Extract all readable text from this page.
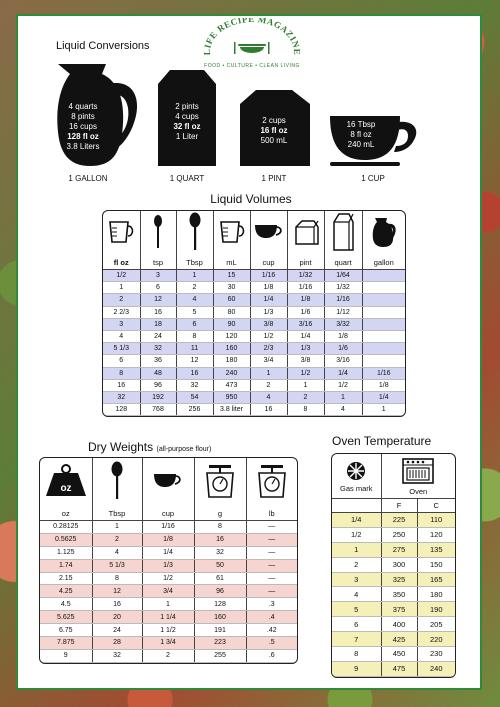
LIFE RECIPE MAGAZINE
FOOD • CULTURE • CLEAN LIVING
Liquid Conversions
4 quarts
8 pints
16 cups
128 fl oz
3.8 Liters
1 GALLON
2 pints
4 cups
32 fl oz
1 Liter
1 QUART
2 cups
16 fl oz
500 mL
1 PINT
16 Tbsp
8 fl oz
240 mL
1 CUP
Liquid Volumes

fl oz	tsp	Tbsp	mL	cup	pint	quart	gallon
1/2	3	1	15	1/16	1/32	1/64	
1	6	2	30	1/8	1/16	1/32	
2	12	4	60	1/4	1/8	1/16	
2 2/3	16	5	80	1/3	1/6	1/12	
3	18	6	90	3/8	3/16	3/32	
4	24	8	120	1/2	1/4	1/8	
5 1/3	32	11	160	2/3	1/3	1/6	
6	36	12	180	3/4	3/8	3/16	
8	48	16	240	1	1/2	1/4	1/16
16	96	32	473	2	1	1/2	1/8
32	192	54	950	4	2	1	1/4
128	768	256	3.8 liter	16	8	4	1
Dry Weights (all-purpose flour)
oz

oz	Tbsp	cup	g	lb
0.28125	1	1/16	8	—
0.5625	2	1/8	16	—
1.125	4	1/4	32	—
1.74	5 1/3	1/3	50	—
2.15	8	1/2	61	—
4.25	12	3/4	96	—
4.5	16	1	128	.3
5.625	20	1 1/4	160	.4
6.75	24	1 1/2	191	.42
7.875	28	1 3/4	223	.5
9	32	2	255	.6
Oven Temperature
Gas mark	Oven	

	F	C
1/4	225	110
1/2	250	120
1	275	135
2	300	150
3	325	165
4	350	180
5	375	190
6	400	205
7	425	220
8	450	230
9	475	240
